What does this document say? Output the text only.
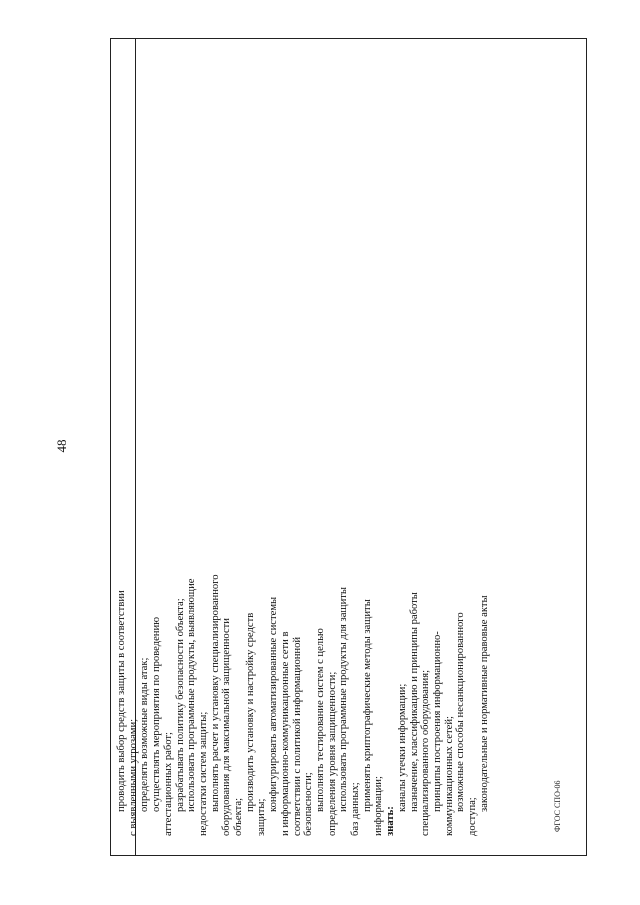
48
проводить выбор средств защиты в соответствии с выявленными угрозами; определять возможные виды атак; осуществлять мероприятия по проведению аттестационных работ; разрабатывать политику безопасности объекта; использовать программные продукты, выявляющие недостатки систем защиты; выполнять расчет и установку специализированного оборудования для максимальной защищенности объекта;
производить установку и настройку средств
защиты;
конфигурировать автоматизированные системы и информационно-коммуникационные сети в соответствии с политикой информационной безопасности; выполнять тестирование систем с целью определения уровня защищенности; использовать программные продукты для защиты баз данных; применять криптографические методы защиты информации; знать:
каналы утечки информации; назначение, классификацию и принципы работы специализированного оборудования; принципы построения информационно- коммуникационных сетей; возможные способы несанкционированного
доступа;
законодательные и нормативные правовые акты	ФГОС СПО-06
